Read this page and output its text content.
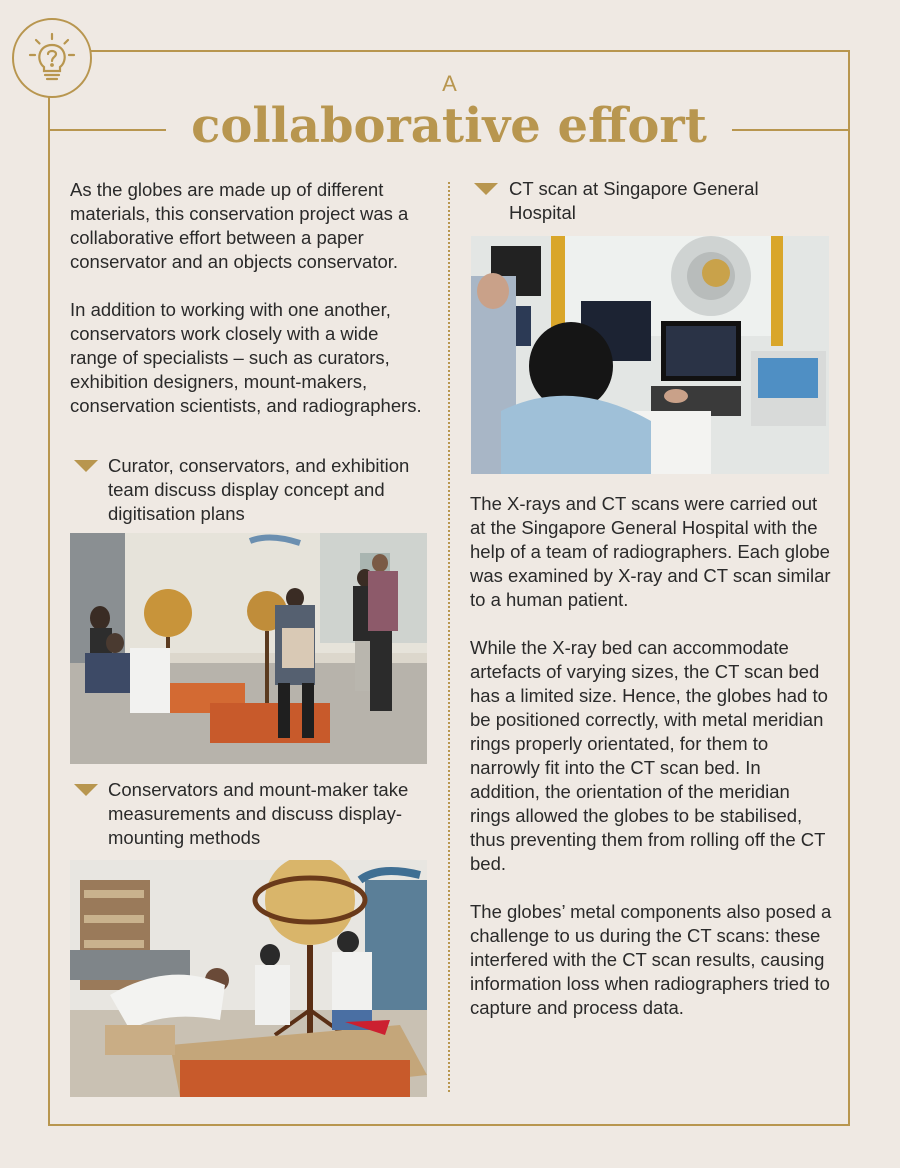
A
collaborative effort

As the globes are made up of different materials, this conservation project was a collaborative effort between a paper conservator and an objects conservator.

In addition to working with one another, conservators work closely with a wide range of specialists – such as curators, exhibition designers, mount-makers, conservation scientists, and radiographers.

Curator, conservators, and exhibition team discuss display concept and digitisation plans
Conservators and mount-maker take measurements and discuss display-mounting methods
CT scan at Singapore General Hospital

The X-rays and CT scans were carried out at the Singapore General Hospital with the help of a team of radiographers. Each globe was examined by X-ray and CT scan similar to a human patient.

While the X-ray bed can accommodate artefacts of varying sizes, the CT scan bed has a limited size. Hence, the globes had to be positioned correctly, with metal meridian rings properly orientated, for them to narrowly fit into the CT scan bed. In addition, the orientation of the meridian rings allowed the globes to be stabilised, thus preventing them from rolling off the CT bed.

The globes’ metal components also posed a challenge to us during the CT scans: these interfered with the CT scan results, causing information loss when radiographers tried to capture and process data.
